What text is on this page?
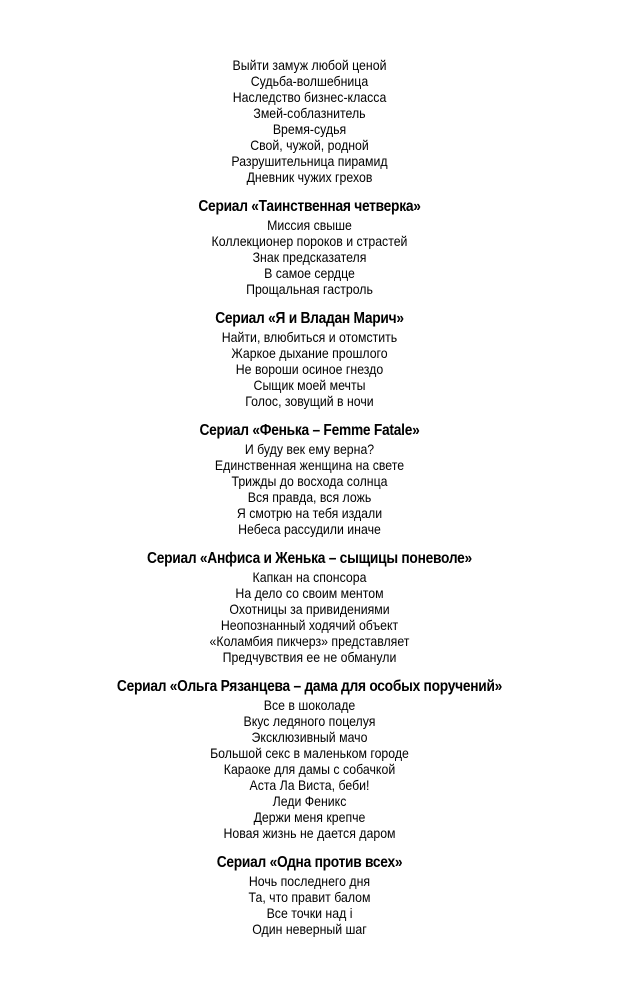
Выйти замуж любой ценой
Судьба-волшебница
Наследство бизнес-класса
Змей-соблазнитель
Время-судья
Свой, чужой, родной
Разрушительница пирамид
Дневник чужих грехов
Сериал «Таинственная четверка»
Миссия свыше
Коллекционер пороков и страстей
Знак предсказателя
В самое сердце
Прощальная гастроль
Сериал «Я и Владан Марич»
Найти, влюбиться и отомстить
Жаркое дыхание прошлого
Не вороши осиное гнездо
Сыщик моей мечты
Голос, зовущий в ночи
Сериал «Фенька – Femme Fatale»
И буду век ему верна?
Единственная женщина на свете
Трижды до восхода солнца
Вся правда, вся ложь
Я смотрю на тебя издали
Небеса рассудили иначе
Сериал «Анфиса и Женька – сыщицы поневоле»
Капкан на спонсора
На дело со своим ментом
Охотницы за привидениями
Неопознанный ходячий объект
«Коламбия пикчерз» представляет
Предчувствия ее не обманули
Сериал «Ольга Рязанцева – дама для особых поручений»
Все в шоколаде
Вкус ледяного поцелуя
Эксклюзивный мачо
Большой секс в маленьком городе
Караоке для дамы с собачкой
Аста Ла Виста, беби!
Леди Феникс
Держи меня крепче
Новая жизнь не дается даром
Сериал «Одна против всех»
Ночь последнего дня
Та, что правит балом
Все точки над i
Один неверный шаг
